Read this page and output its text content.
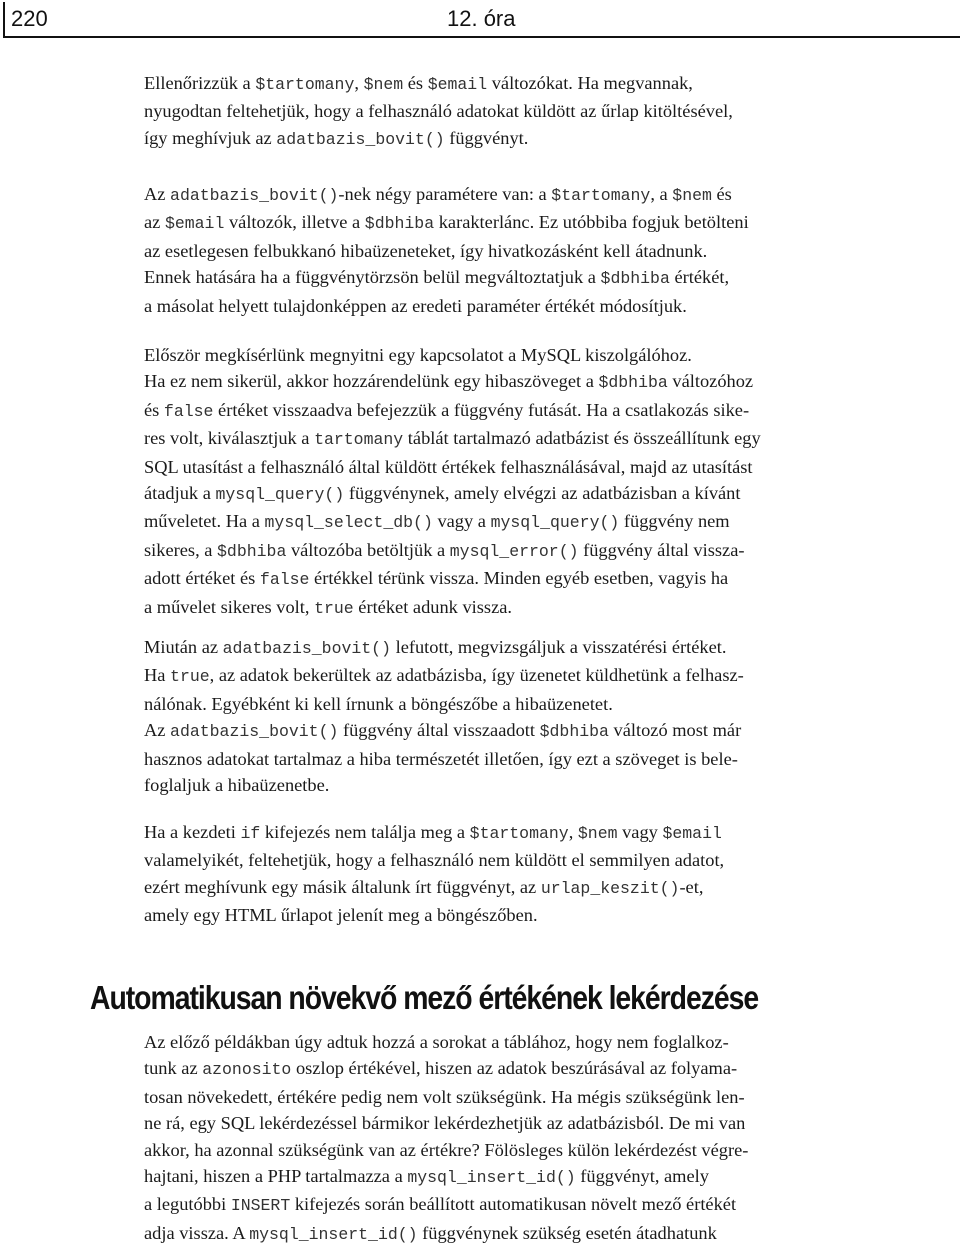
220	12. óra
Ellenőrizzük a $tartomany, $nem és $email változókat. Ha megvannak,
nyugodtan feltehetjük, hogy a felhasználó adatokat küldött az űrlap kitöltésével,
így meghívjuk az adatbazis_bovit() függvényt.
Az adatbazis_bovit()-nek négy paramétere van: a $tartomany, a $nem és
az $email változók, illetve a $dbhiba karakterlánc. Ez utóbbiba fogjuk betölteni
az esetlegesen felbukkanó hibaüzeneteket, így hivatkozásként kell átadnunk.
Ennek hatására ha a függvénytörzsön belül megváltoztatjuk a $dbhiba értékét,
a másolat helyett tulajdonképpen az eredeti paraméter értékét módosítjuk.
Először megkísérlünk megnyitni egy kapcsolatot a MySQL kiszolgálóhoz.
Ha ez nem sikerül, akkor hozzárendelünk egy hibaszöveget a $dbhiba változóhoz
és false értéket visszaadva befejezzük a függvény futását. Ha a csatlakozás sike-
res volt, kiválasztjuk a tartomany táblát tartalmazó adatbázist és összeállítunk egy
SQL utasítást a felhasználó által küldött értékek felhasználásával, majd az utasítást
átadjuk a mysql_query() függvénynek, amely elvégzi az adatbázisban a kívánt
műveletet. Ha a mysql_select_db() vagy a mysql_query() függvény nem
sikeres, a $dbhiba változóba betöltjük a mysql_error() függvény által vissza-
adott értéket és false értékkel térünk vissza. Minden egyéb esetben, vagyis ha
a művelet sikeres volt, true értéket adunk vissza.
Miután az adatbazis_bovit() lefutott, megvizsgáljuk a visszatérési értéket.
Ha true, az adatok bekerültek az adatbázisba, így üzenetet küldhetünk a felhasz-
nálónak. Egyébként ki kell írnunk a böngészőbe a hibaüzenetet.
Az adatbazis_bovit() függvény által visszaadott $dbhiba változó most már
hasznos adatokat tartalmaz a hiba természetét illetően, így ezt a szöveget is bele-
foglaljuk a hibaüzenetbe.
Ha a kezdeti if kifejezés nem találja meg a $tartomany, $nem vagy $email
valamelyikét, feltehetjük, hogy a felhasználó nem küldött el semmilyen adatot,
ezért meghívunk egy másik általunk írt függvényt, az urlap_keszit()-et,
amely egy HTML űrlapot jelenít meg a böngészőben.
Automatikusan növekvő mező értékének lekérdezése
Az előző példákban úgy adtuk hozzá a sorokat a táblához, hogy nem foglalkoz-
tunk az azonosito oszlop értékével, hiszen az adatok beszúrásával az folyama-
tosan növekedett, értékére pedig nem volt szükségünk. Ha mégis szükségünk len-
ne rá, egy SQL lekérdezéssel bármikor lekérdezhetjük az adatbázisból. De mi van
akkor, ha azonnal szükségünk van az értékre? Fölösleges külön lekérdezést végre-
hajtani, hiszen a PHP tartalmazza a mysql_insert_id() függvényt, amely
a legutóbbi INSERT kifejezés során beállított automatikusan növelt mező értékét
adja vissza. A mysql_insert_id() függvénynek szükség esetén átadhatunk
